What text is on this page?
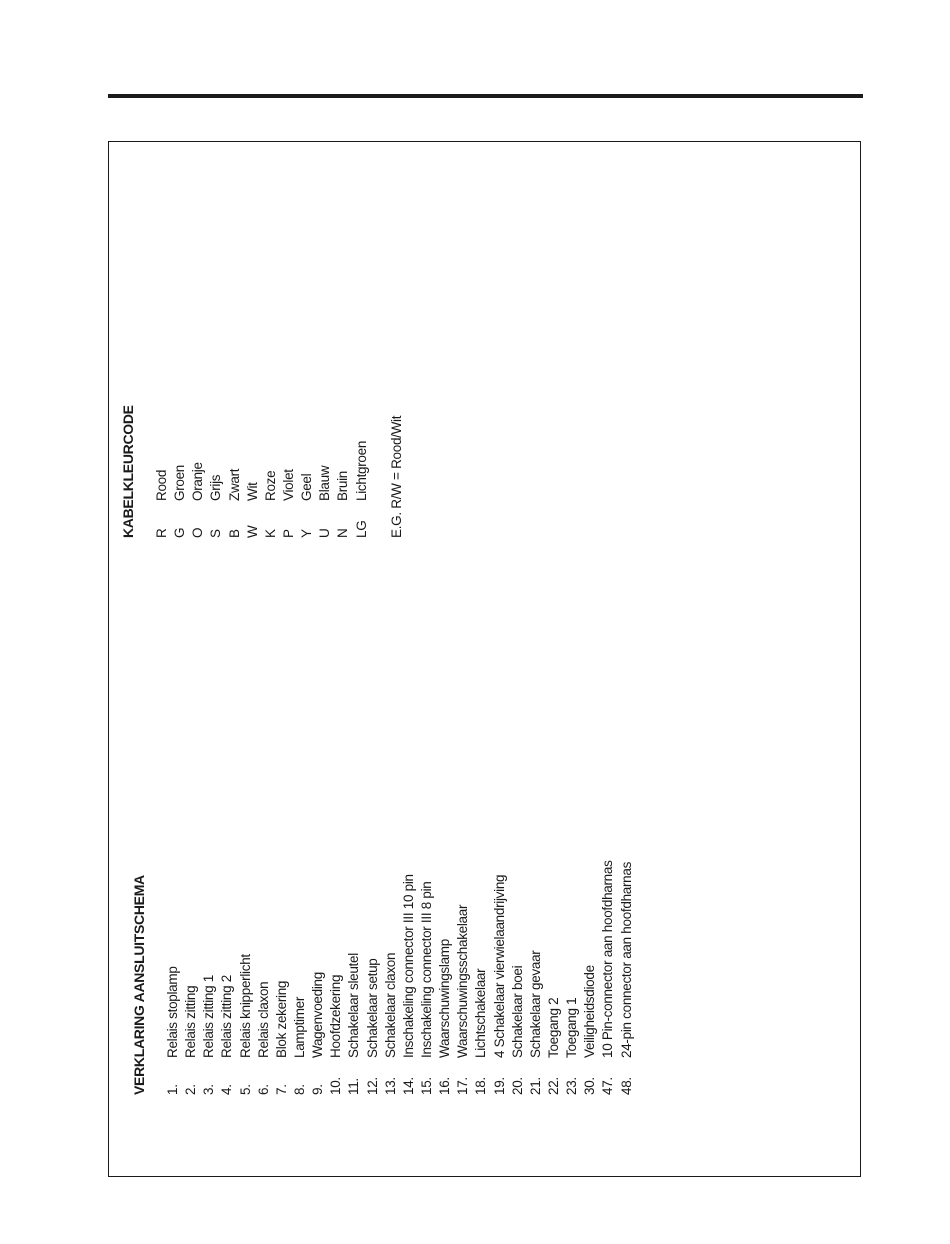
VERKLARING AANSLUITSCHEMA 1.
Relais stoplamp
2.
Relais zitting
3.
Relais zitting 1
4.
Relais zitting 2
5.
Relais knipperlicht
6.
Relais claxon
7.
Blok zekering
8.
Lamptimer
9.
Wagenvoeding
10.
Hoofdzekering
11.
Schakelaar sleutel
12.
Schakelaar setup
13.
Schakelaar claxon
14.
Inschakeling connector III 10 pin
15.
Inschakeling connector III 8 pin
16.
Waarschuwingslamp
17.
Waarschuwingsschakelaar
18.
Lichtschakelaar
19.
4 Schakelaar vierwielaandrijving
20.
Schakelaar boei
21.
Schakelaar gevaar
22.
Toegang 2
23.
Toegang 1
30.
Veiligheidsdiode
47.
10 Pin-connector aan hoofdharnas
48.
24-pin connector aan hoofdharnas
KABELKLEURCODE R
Rood
G
Groen
O
Oranje
S
Grijs
B
Zwart
W
Wit
K
Roze
P
Violet
Y
Geel
U
Blauw
N
Bruin
LG
Lichtgroen E.G. R/W = Rood/Wit
